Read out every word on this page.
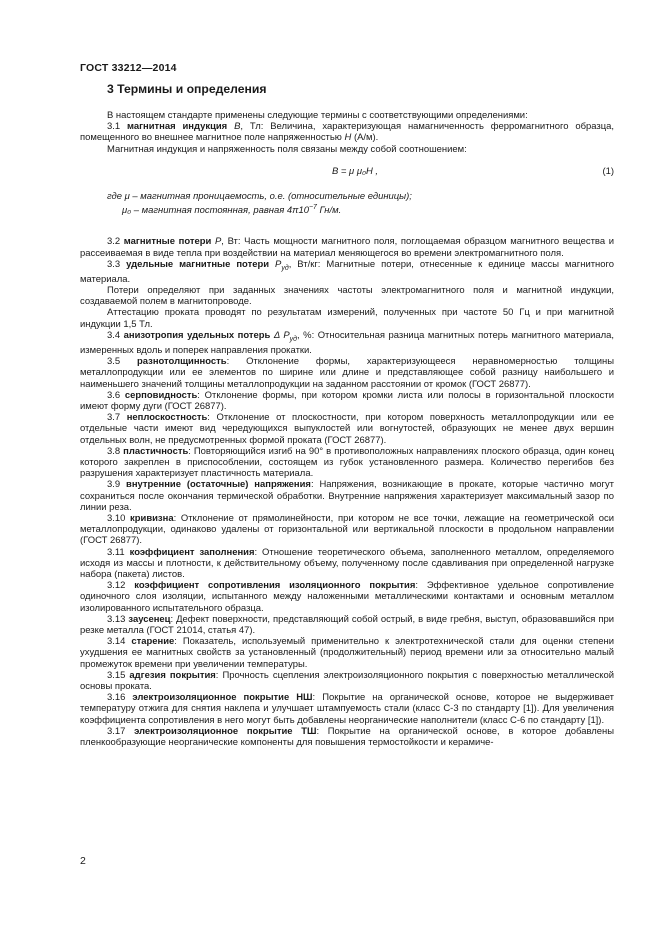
ГОСТ 33212—2014
3 Термины и определения

В настоящем стандарте применены следующие термины с соответствующими определениями:

3.1 магнитная индукция B, Тл: Величина, характеризующая намагниченность ферромагнитного образца, помещенного во внешнее магнитное поле напряженностью H (А/м).

Магнитная индукция и напряженность поля связаны между собой соотношением:

B = μ μ₀H ,	(1)

где μ – магнитная проницаемость, о.е. (относительные единицы);

μ₀ – магнитная постоянная, равная $4\pi 10^{-7}$ Гн/м.

3.2 магнитные потери P, Вт: Часть мощности магнитного поля, поглощаемая образцом магнитного вещества и рассеиваемая в виде тепла при воздействии на материал меняющегося во времени электромагнитного поля.

3.3 удельные магнитные потери $P_{уд}$, Вт/кг: Магнитные потери, отнесенные к единице массы магнитного материала.

Потери определяют при заданных значениях частоты электромагнитного поля и магнитной индукции, создаваемой полем в магнитопроводе.

Аттестацию проката проводят по результатам измерений, полученных при частоте 50 Гц и при магнитной индукции 1,5 Тл.

3.4 анизотропия удельных потерь Δ $P_{уд}$, %: Относительная разница магнитных потерь магнитного материала, измеренных вдоль и поперек направления прокатки.

3.5 разнотолщинность: Отклонение формы, характеризующееся неравномерностью толщины металлопродукции или ее элементов по ширине или длине и представляющее собой разницу наибольшего и наименьшего значений толщины металлопродукции на заданном расстоянии от кромок (ГОСТ 26877).

3.6 серповидность: Отклонение формы, при котором кромки листа или полосы в горизонтальной плоскости имеют форму дуги (ГОСТ 26877).

3.7 неплоскостность: Отклонение от плоскостности, при котором поверхность металлопродукции или ее отдельные части имеют вид чередующихся выпуклостей или вогнутостей, образующих не менее двух вершин отдельных волн, не предусмотренных формой проката (ГОСТ 26877).

3.8 пластичность: Повторяющийся изгиб на 90° в противоположных направлениях плоского образца, один конец которого закреплен в приспособлении, состоящем из губок установленного размера. Количество перегибов без разрушения характеризует пластичность материала.

3.9 внутренние (остаточные) напряжения: Напряжения, возникающие в прокате, которые частично могут сохраниться после окончания термической обработки. Внутренние напряжения характеризует максимальный зазор по линии реза.

3.10 кривизна: Отклонение от прямолинейности, при котором не все точки, лежащие на геометрической оси металлопродукции, одинаково удалены от горизонтальной или вертикальной плоскости в продольном направлении (ГОСТ 26877).

3.11 коэффициент заполнения: Отношение теоретического объема, заполненного металлом, определяемого исходя из массы и плотности, к действительному объему, полученному после сдавливания при определенной нагрузке набора (пакета) листов.

3.12 коэффициент сопротивления изоляционного покрытия: Эффективное удельное сопротивление одиночного слоя изоляции, испытанного между наложенными металлическими контактами и основным металлом изолированного испытательного образца.

3.13 заусенец: Дефект поверхности, представляющий собой острый, в виде гребня, выступ, образовавшийся при резке металла (ГОСТ 21014, статья 47).

3.14 старение: Показатель, используемый применительно к электротехнической стали для оценки степени ухудшения ее магнитных свойств за установленный (продолжительный) период времени или за относительно малый промежуток времени при увеличении температуры.

3.15 адгезия покрытия: Прочность сцепления электроизоляционного покрытия с поверхностью металлической основы проката.

3.16 электроизоляционное покрытие НШ: Покрытие на органической основе, которое не выдерживает температуру отжига для снятия наклепа и улучшает штампуемость стали (класс С-3 по стандарту [1]). Для увеличения коэффициента сопротивления в него могут быть добавлены неорганические наполнители (класс С-6 по стандарту [1]).

3.17 электроизоляционное покрытие ТШ: Покрытие на органической основе, в которое добавлены пленкообразующие неорганические компоненты для повышения термостойкости и керамиче-

2
